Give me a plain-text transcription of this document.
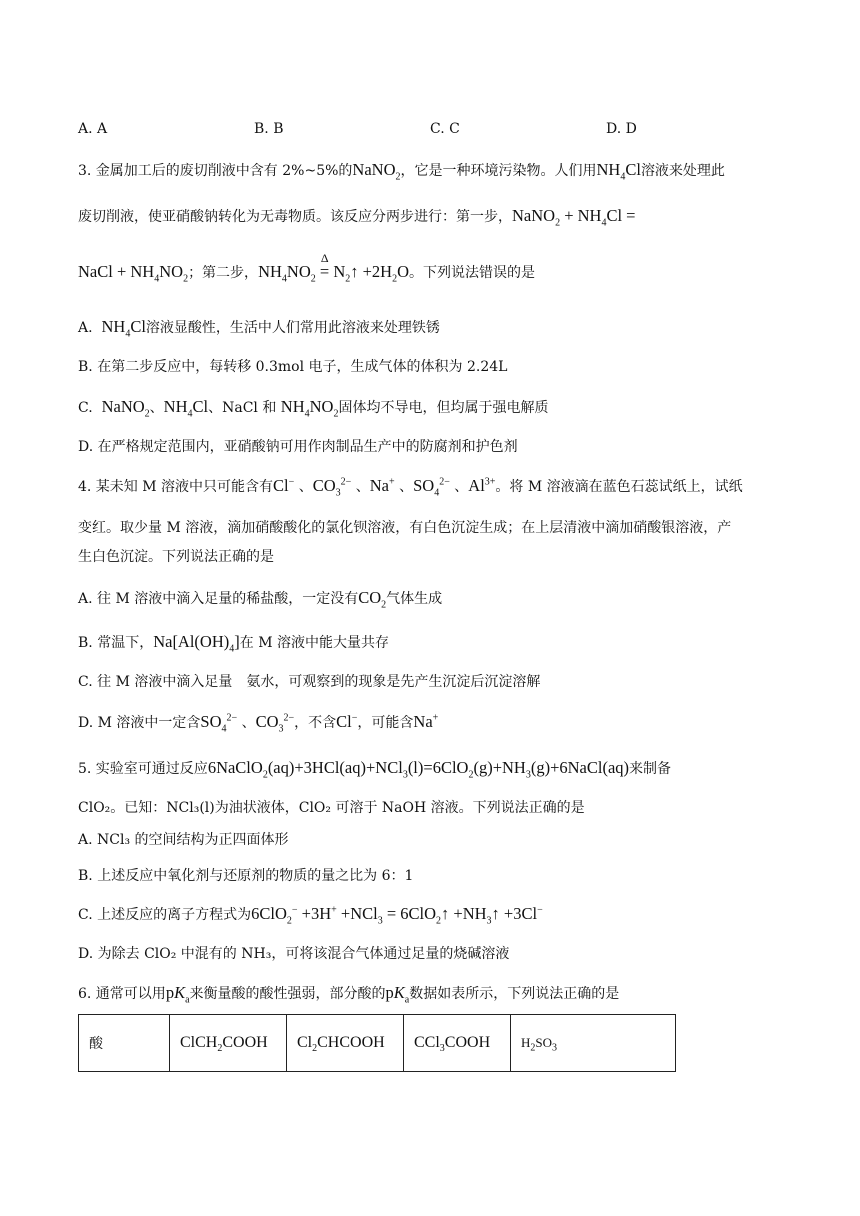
A. A	B. B	C. C	D. D
3. 金属加工后的废切削液中含有 2%~5%的NaNO$_2$，它是一种环境污染物。人们用$NH_4Cl$溶液来处理此
废切削液，使亚硝酸钠转化为无毒物质。该反应分两步进行：第一步，NaNO$_2$ + $NH_4Cl$ =
NaCl + $NH_4NO_2$；第二步，$NH_4NO_2$ =
Δ
$N_2↑ +2H_2O$。下列说法错误的是
A.  $NH_4Cl$溶液显酸性，生活中人们常用此溶液来处理铁锈
B. 在第二步反应中，每转移 0.3mol 电子，生成气体的体积为 2.24L
C.  NaNO$_2$、$NH_4Cl$、NaCl 和 $NH_4NO_2$固体均不导电，但均属于强电解质
D. 在严格规定范围内，亚硝酸钠可用作肉制品生产中的防腐剂和护色剂
4. 某未知 M 溶液中只可能含有Cl− 、$CO_3^{2-}$ 、Na+ 、$SO_4^{2-}$ 、$Al^{3+}$。将 M 溶液滴在蓝色石蕊试纸上，试纸
变红。取少量 M 溶液，滴加硝酸酸化的氯化钡溶液，有白色沉淀生成；在上层清液中滴加硝酸银溶液，产
生白色沉淀。下列说法正确的是
A. 往 M 溶液中滴入足量的稀盐酸，一定没有$CO_2$气体生成
B. 常温下，$Na[Al(OH)_4]$在 M 溶液中能大量共存
C. 往 M 溶液中滴入足量　氨水，可观察到的现象是先产生沉淀后沉淀溶解
D. M 溶液中一定含$SO_4^{2-}$ 、$CO_3^{2-}$，不含Cl−，可能含Na+
5. 实验室可通过反应$6NaClO_2(aq)+3HCl(aq)+NCl_3(l)=6ClO_2(g)+NH_3(g)+6NaCl(aq)$来制备
ClO₂。已知：NCl₃(l)为油状液体，ClO₂ 可溶于 NaOH 溶液。下列说法正确的是
A. NCl₃ 的空间结构为正四面体形
B. 上述反应中氧化剂与还原剂的物质的量之比为 6：1
C. 上述反应的离子方程式为6ClO$_2$− +3H+ +NCl$_3$ = 6ClO$_2$↑ $+NH_3↑ +3Cl^-$
D. 为除去 ClO₂ 中混有的 NH₃，可将该混合气体通过足量的烧碱溶液
6. 通常可以用$pK_a$来衡量酸的酸性强弱，部分酸的$pK_a$数据如表所示，下列说法正确的是
酸	ClCH$_2$COOH	$Cl_2CHCOOH$	CCl$_3$COOH	$H_2SO_3$
